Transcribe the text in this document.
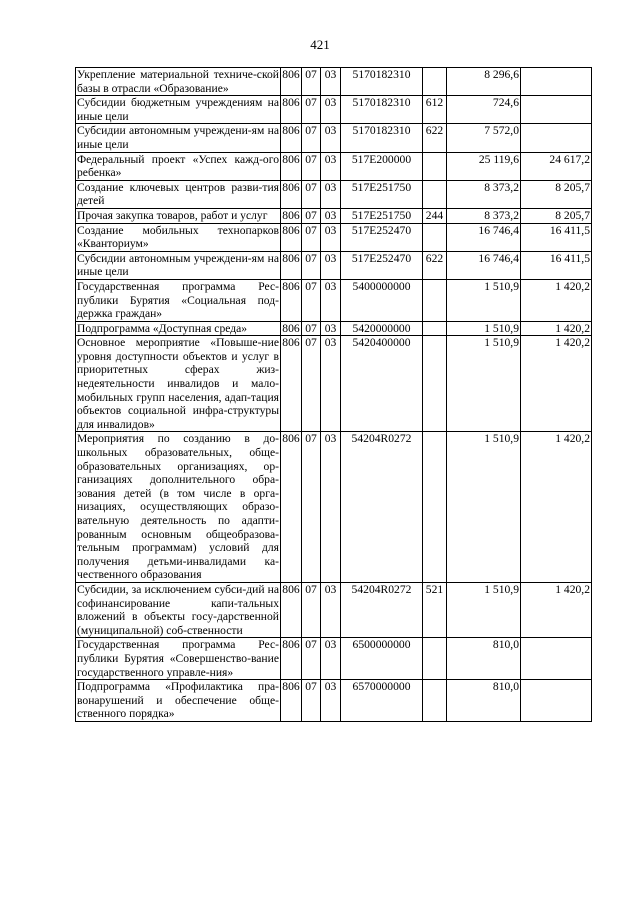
421
Укрепление материальной техниче-ской базы в отрасли «Образование»	806	07	03	5170182310		8 296,6	
Субсидии бюджетным учреждениям на иные цели	806	07	03	5170182310	612	724,6	
Субсидии автономным учреждени-ям на иные цели	806	07	03	5170182310	622	7 572,0	
Федеральный проект «Успех кажд-ого ребенка»	806	07	03	517E200000		25 119,6	24 617,2
Создание ключевых центров разви-тия детей	806	07	03	517E251750		8 373,2	8 205,7
Прочая закупка товаров, работ и услуг	806	07	03	517E251750	244	8 373,2	8 205,7
Создание мобильных технопарков «Кванториум»	806	07	03	517E252470		16 746,4	16 411,5
Субсидии автономным учреждени-ям на иные цели	806	07	03	517E252470	622	16 746,4	16 411,5
Государственная программа Рес-публики Бурятия «Социальная под-держка граждан»	806	07	03	5400000000		1 510,9	1 420,2
Подпрограмма «Доступная среда»	806	07	03	5420000000		1 510,9	1 420,2
Основное мероприятие «Повыше-ние уровня доступности объектов и услуг в приоритетных сферах жиз-недеятельности инвалидов и мало-мобильных групп населения, адап-тация объектов социальной инфра-структуры для инвалидов»	806	07	03	5420400000		1 510,9	1 420,2
Мероприятия по созданию в до-школьных образовательных, обще-образовательных организациях, ор-ганизациях дополнительного обра-зования детей (в том числе в орга-низациях, осуществляющих образо-вательную деятельность по адапти-рованным основным общеобразова-тельным программам) условий для получения детьми-инвалидами ка-чественного образования	806	07	03	54204R0272		1 510,9	1 420,2
Субсидии, за исключением субси-дий на софинансирование капи-тальных вложений в объекты госу-дарственной (муниципальной) соб-ственности	806	07	03	54204R0272	521	1 510,9	1 420,2
Государственная программа Рес-публики Бурятия «Совершенство-вание государственного управле-ния»	806	07	03	6500000000		810,0	
Подпрограмма «Профилактика пра-вонарушений и обеспечение обще-ственного порядка»	806	07	03	6570000000		810,0	
